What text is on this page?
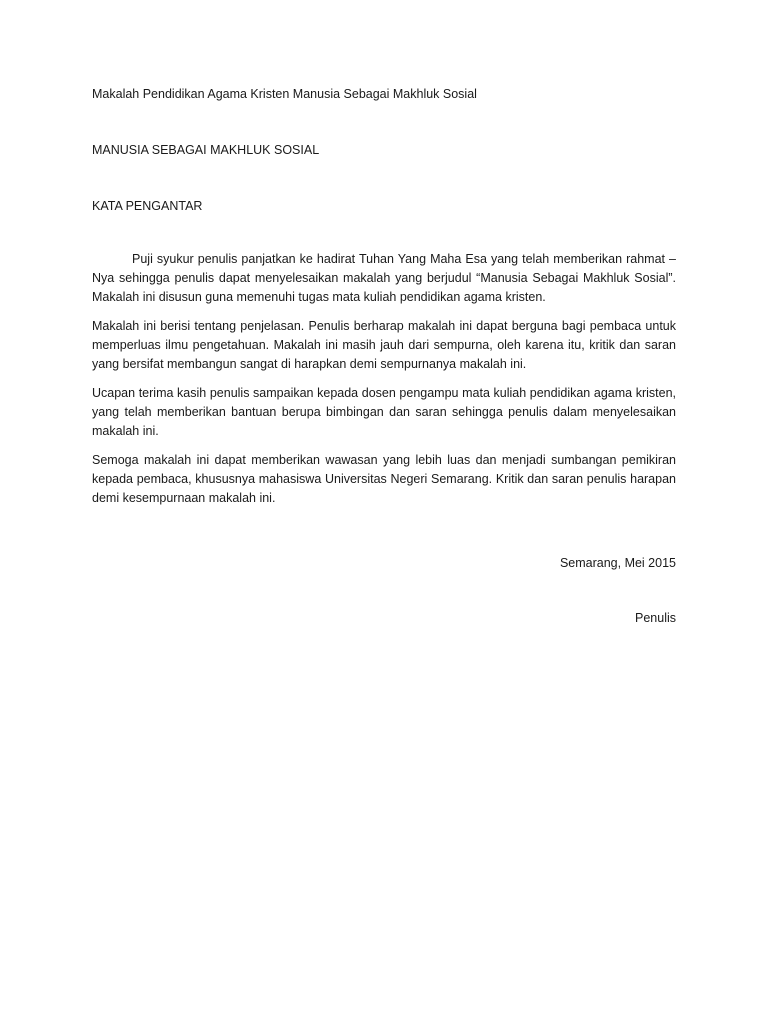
Makalah Pendidikan Agama Kristen Manusia Sebagai Makhluk Sosial

MANUSIA SEBAGAI MAKHLUK SOSIAL

KATA PENGANTAR

Puji syukur penulis panjatkan ke hadirat Tuhan Yang Maha Esa yang telah memberikan rahmat – Nya sehingga penulis dapat menyelesaikan makalah yang berjudul “Manusia Sebagai Makhluk Sosial”. Makalah ini disusun guna memenuhi tugas mata kuliah pendidikan agama kristen.

Makalah ini berisi tentang penjelasan. Penulis berharap makalah ini dapat berguna bagi pembaca untuk memperluas ilmu pengetahuan. Makalah ini masih jauh dari sempurna, oleh karena itu, kritik dan saran yang bersifat membangun sangat di harapkan demi sempurnanya makalah ini.

Ucapan terima kasih penulis sampaikan kepada dosen pengampu mata kuliah pendidikan agama kristen, yang telah memberikan bantuan berupa bimbingan dan saran sehingga penulis dalam menyelesaikan makalah ini.

Semoga makalah ini dapat memberikan wawasan yang lebih luas dan menjadi sumbangan pemikiran kepada pembaca, khususnya mahasiswa Universitas Negeri Semarang. Kritik dan saran penulis harapan demi kesempurnaan makalah ini.

Semarang, Mei 2015
Penulis
